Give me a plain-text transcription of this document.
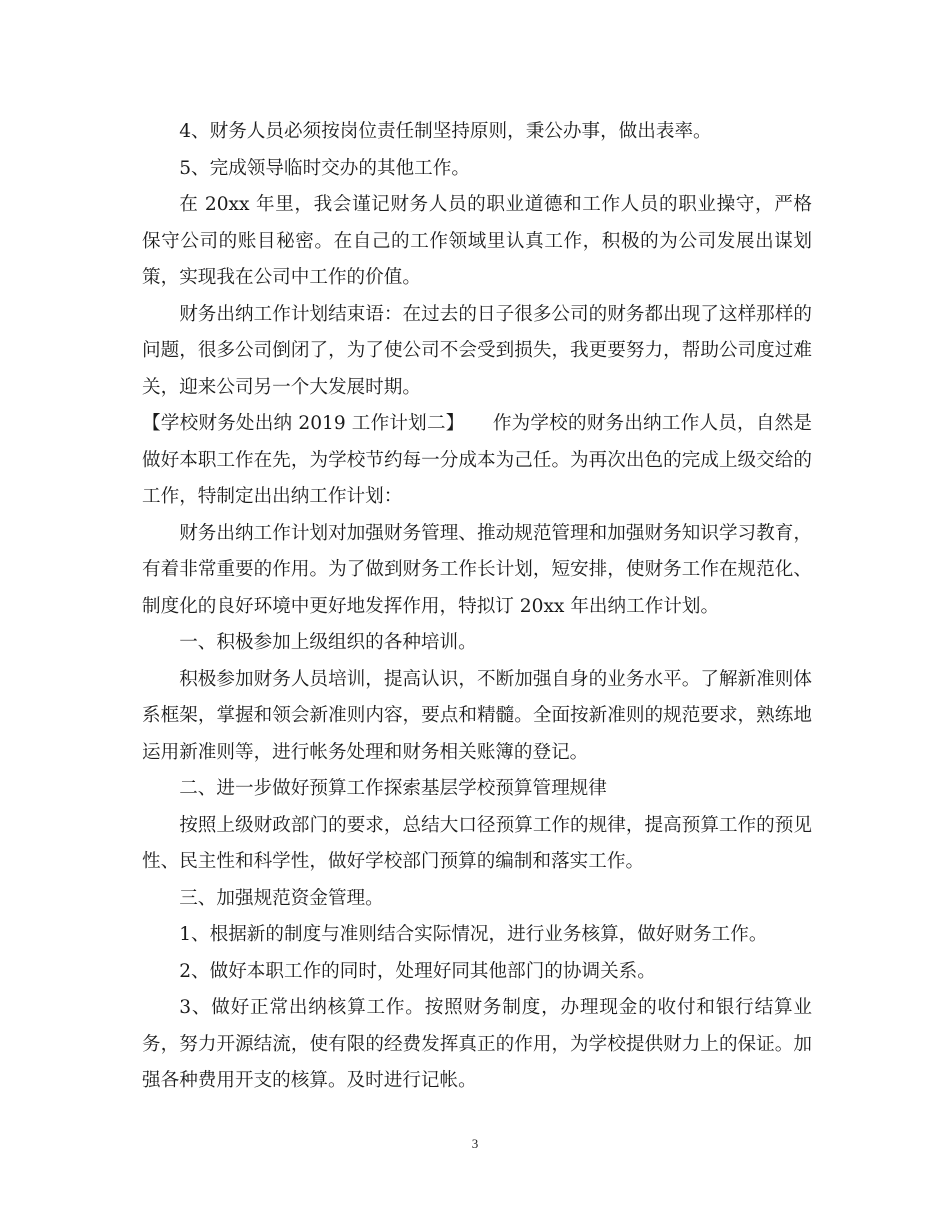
4、财务人员必须按岗位责任制坚持原则，秉公办事，做出表率。

5、完成领导临时交办的其他工作。

在 20xx 年里，我会谨记财务人员的职业道德和工作人员的职业操守，严格保守公司的账目秘密。在自己的工作领域里认真工作，积极的为公司发展出谋划策，实现我在公司中工作的价值。

财务出纳工作计划结束语：在过去的日子很多公司的财务都出现了这样那样的问题，很多公司倒闭了，为了使公司不会受到损失，我更要努力，帮助公司度过难关，迎来公司另一个大发展时期。

【学校财务处出纳 2019 工作计划二】　　 作为学校的财务出纳工作人员，自然是做好本职工作在先，为学校节约每一分成本为己任。为再次出色的完成上级交给的工作，特制定出出纳工作计划：

财务出纳工作计划对加强财务管理、推动规范管理和加强财务知识学习教育，有着非常重要的作用。为了做到财务工作长计划，短安排，使财务工作在规范化、制度化的良好环境中更好地发挥作用，特拟订 20xx 年出纳工作计划。

一、积极参加上级组织的各种培训。

积极参加财务人员培训，提高认识，不断加强自身的业务水平。了解新准则体系框架，掌握和领会新准则内容，要点和精髓。全面按新准则的规范要求，熟练地运用新准则等，进行帐务处理和财务相关账簿的登记。

二、进一步做好预算工作探索基层学校预算管理规律

按照上级财政部门的要求，总结大口径预算工作的规律，提高预算工作的预见性、民主性和科学性，做好学校部门预算的编制和落实工作。

三、加强规范资金管理。

1、根据新的制度与准则结合实际情况，进行业务核算，做好财务工作。

2、做好本职工作的同时，处理好同其他部门的协调关系。

3、做好正常出纳核算工作。按照财务制度，办理现金的收付和银行结算业务，努力开源结流，使有限的经费发挥真正的作用，为学校提供财力上的保证。加强各种费用开支的核算。及时进行记帐。

3
